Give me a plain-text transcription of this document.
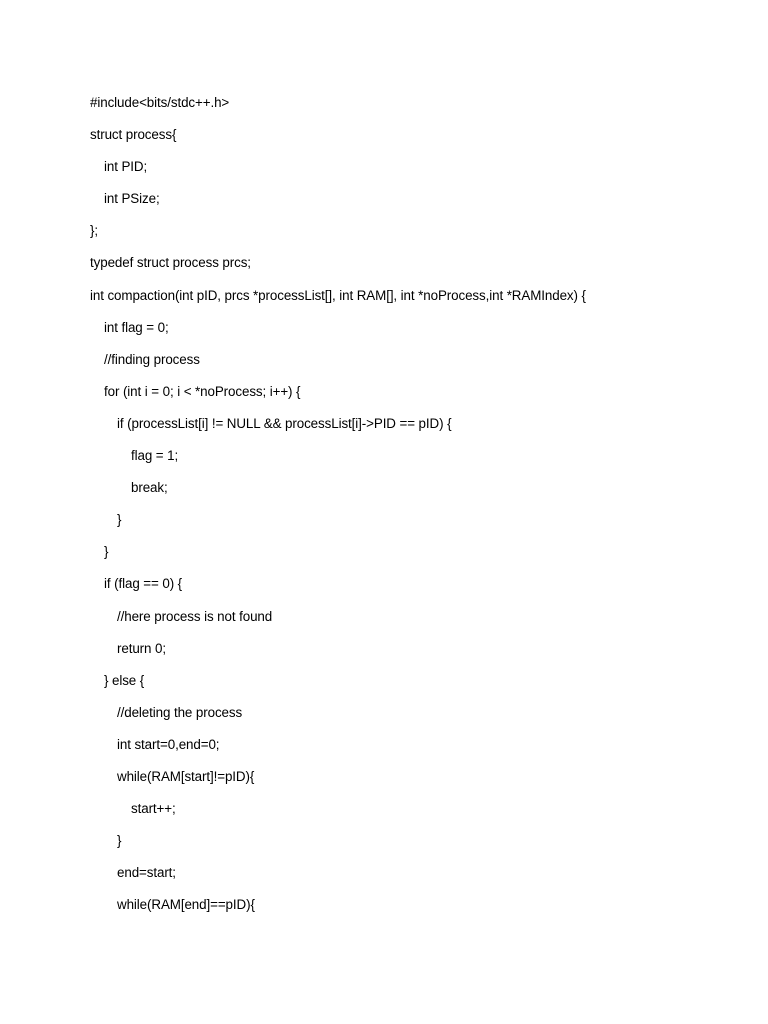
#include<bits/stdc++.h>
struct process{
int PID;
int PSize;
};
typedef struct process prcs;
int compaction(int pID, prcs *processList[], int RAM[], int *noProcess,int *RAMIndex) {
int flag = 0;
//finding process
for (int i = 0; i < *noProcess; i++) {
if (processList[i] != NULL && processList[i]->PID == pID) {
flag = 1;
break;
}
}
if (flag == 0) {
//here process is not found
return 0;
} else {
//deleting the process
int start=0,end=0;
while(RAM[start]!=pID){
start++;
}
end=start;
while(RAM[end]==pID){
